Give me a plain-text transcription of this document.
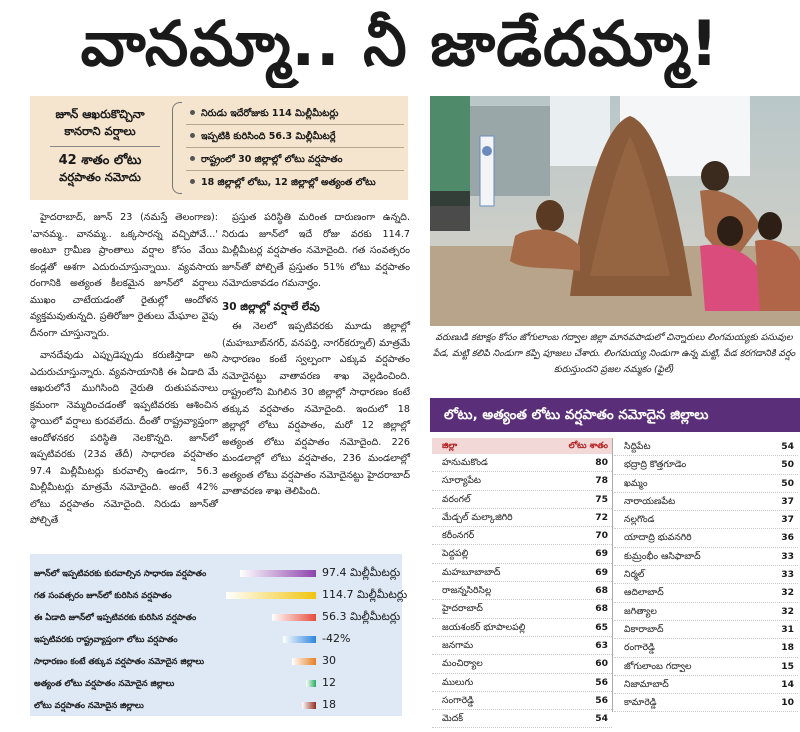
వానమ్మా.. నీ జాడేదమ్మా!
జూన్ ఆఖరుకొచ్చినా
కానరాని వర్షాలు
42 శాతం లోటు
వర్షపాతం నమోదు
నిరుడు ఇదేరోజుకు 114 మిల్లీమీటర్లు
ఇప్పటికి కురిసింది 56.3 మిల్లీమీటర్లే
రాష్ట్రంలో 30 జిల్లాల్లో లోటు వర్షపాతం
18 జిల్లాల్లో లోటు, 12 జిల్లాల్లో అత్యంత లోటు

హైదరాబాద్, జూన్ 23 (నమస్తే తెలంగాణ): 'వానమ్మ.. వానమ్మ.. ఒక్కసారన్న వచ్చిపోవే...' అంటూ గ్రామీణ ప్రాంతాలు వర్షాల కోసం వేయి కండ్లతో ఆశగా ఎదురుచూస్తున్నాయి. వ్యవసాయ రంగానికి అత్యంత కీలకమైన జూన్‌లో వర్షాలు ముఖం చాటేయడంతో రైతుల్లో ఆందోళన వ్యక్తమవుతున్నది. ప్రతిరోజూ రైతులు మేఘాల వైపు దీనంగా చూస్తున్నారు.

వానదేవుడు ఎప్పుడెప్పుడు కరుణిస్తాడా అని ఎదురుచూస్తున్నారు. వ్యవసాయానికి ఈ ఏడాది మే ఆఖరులోనే ముగిసింది నైరుతి రుతుపవనాలు క్రమంగా నెమ్మదించడంతో ఇప్పటివరకు ఆశించిన స్థాయిలో వర్షాలు కురవలేదు. దీంతో రాష్ట్రవ్యాప్తంగా ఆందోళనకర పరిస్థితి నెలకొన్నది. జూన్‌లో ఇప్పటివరకు (23వ తేదీ) సాధారణ వర్షపాతం 97.4 మిల్లీమీటర్లు కురవాల్సి ఉండగా, 56.3 మిల్లీమీటర్లు మాత్రమే నమోదైంది. అంటే 42% లోటు వర్షపాతం నమోదైంది. నిరుడు జూన్‌తో పోల్చితే

ప్రస్తుత పరిస్థితి మరింత దారుణంగా ఉన్నది. నిరుడు జూన్‌లో ఇదే రోజు వరకు 114.7 మిల్లీమీటర్ల వర్షపాతం నమోదైంది. గత సంవత్సరం జూన్‌తో పోల్చితే ప్రస్తుతం 51% లోటు వర్షపాతం నమోదుకావడం గమనార్హం.

30 జిల్లాల్లో వర్షాలే లేవు

ఈ నెలలో ఇప్పటివరకు మూడు జిల్లాల్లో (మహబూబ్‌నగర్, వనపర్తి, నాగర్‌కర్నూల్) మాత్రమే సాధారణం కంటే స్వల్పంగా ఎక్కువ వర్షపాతం నమోదైనట్టు వాతావరణ శాఖ వెల్లడించింది. రాష్ట్రంలోని మిగిలిన 30 జిల్లాల్లో సాధారణం కంటే తక్కువ వర్షపాతం నమోదైంది. ఇందులో 18 జిల్లాల్లో లోటు వర్షపాతం, మరో 12 జిల్లాల్లో అత్యంత లోటు వర్షపాతం నమోదైంది. 226 మండలాల్లో లోటు వర్షపాతం, 236 మండలాల్లో అత్యంత లోటు వర్షపాతం నమోదైనట్టు హైదరాబాద్ వాతావరణ శాఖ తెలిపింది.

జూన్‌లో ఇప్పటివరకు కురవాల్సిన సాధారణ వర్షపాతం	97.4 మిల్లీమీటర్లు
గత సంవత్సరం జూన్‌లో కురిసిన వర్షపాతం	114.7 మిల్లీమీటర్లు
ఈ ఏడాది జూన్‌లో ఇప్పటివరకు కురిసిన వర్షపాతం	56.3 మిల్లీమీటర్లు
ఇప్పటివరకు రాష్ట్రవ్యాప్తంగా లోటు వర్షపాతం	-42%
సాధారణం కంటే తక్కువ వర్షపాతం నమోదైన జిల్లాలు	30
అత్యంత లోటు వర్షపాతం నమోదైన జిల్లాలు	12
లోటు వర్షపాతం నమోదైన జిల్లాలు	18
వరుణుడి కటాక్షం కోసం జోగులాంబ గద్వాల జిల్లా మానవపాడులో చిన్నారులు లింగమయ్యకు పసువుల పేడ, మట్టి కలిపి నిండుగా కప్పి పూజలు చేశారు. లింగమయ్య నిండుగా ఉన్న మట్టి, పేడ కరగడానికి వర్షం కురుస్తుందని ప్రజల నమ్మకం (ఫైల్)
లోటు, అత్యంత లోటు వర్షపాతం నమోదైన జిల్లాలు
జిల్లా	లోటు శాతం
హనుమకొండ	80
సూర్యాపేట	78
వరంగల్	75
మేడ్చల్ మల్కాజిగిరి	72
కరీంనగర్	70
పెద్దపల్లి	69
మహబూబాబాద్	69
రాజన్నసిరిసిల్ల	68
హైదరాబాద్	68
జయశంకర్ భూపాలపల్లి	65
జనగామ	63
మంచిర్యాల	60
ములుగు	56
సంగారెడ్డి	56
మెదక్	54
సిద్దిపేట	54
భద్రాద్రి కొత్తగూడెం	50
ఖమ్మం	50
నారాయణపేట	37
నల్లగొండ	37
యాదాద్రి భువనగిరి	36
కుమ్రంభీం ఆసిఫాబాద్	33
నిర్మల్	33
ఆదిలాబాద్	32
జగిత్యాల	32
వికారాబాద్	31
రంగారెడ్డి	18
జోగులాంబ గద్వాల	15
నిజామాబాద్	14
కామారెడ్డి	10
